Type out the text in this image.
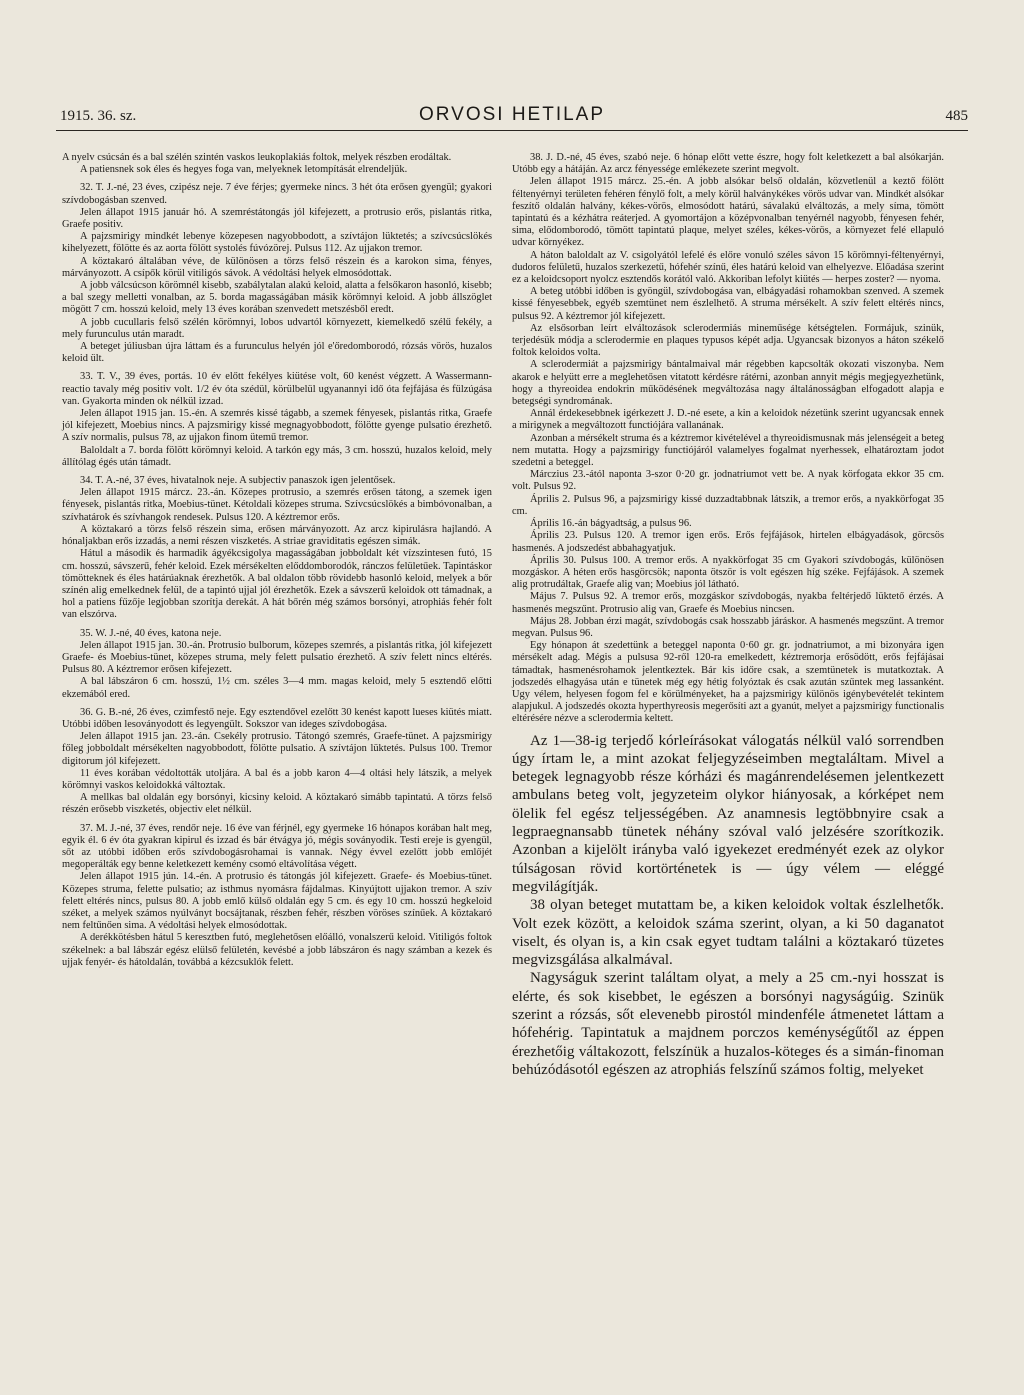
1915. 36. sz.	ORVOSI HETILAP	485

A nyelv csúcsán és a bal szélén szintén vaskos leukoplakiás foltok, melyek részben erodáltak.

A patiensnek sok éles és hegyes foga van, melyeknek letompítását elrendeljük.

32. T. J.-né, 23 éves, czipész neje. 7 éve férjes; gyermeke nincs. 3 hét óta erősen gyengül; gyakori szívdobogásban szenved.

Jelen állapot 1915 január hó. A szemréstátongás jól kifejezett, a protrusio erős, pislantás ritka, Graefe positiv.

A pajzsmirigy mindkét lebenye közepesen nagyobbodott, a szívtájon lüktetés; a szívcsúcslökés kihelyezett, fölötte és az aorta fölött systolés fúvózörej. Pulsus 112. Az ujjakon tremor.

A köztakaró általában véve, de különösen a törzs felső részein és a karokon sima, fényes, márványozott. A csípők körül vitiligós sávok. A védoltási helyek elmosódottak.

A jobb válcsúcson körömnél kisebb, szabálytalan alakú keloid, alatta a felsőkaron hasonló, kisebb; a bal szegy melletti vonalban, az 5. borda magasságában másik körömnyi keloid. A jobb állszöglet mögött 7 cm. hosszú keloid, mely 13 éves korában szenvedett metszésből eredt.

A jobb cucullaris felső szélén körömnyi, lobos udvartól környezett, kiemelkedő szélű fekély, a mely furunculus után maradt.

A beteget júliusban újra láttam és a furunculus helyén jól e'őredomborodó, rózsás vörös, huzalos keloid ült.

33. T. V., 39 éves, portás. 10 év előtt fekélyes kiütése volt, 60 kenést végzett. A Wassermann-reactio tavaly még positiv volt. 1/2 év óta szédül, körülbelül ugyanannyi idő óta fejfájása és fülzúgása van. Gyakorta minden ok nélkül izzad.

Jelen állapot 1915 jan. 15.-én. A szemrés kissé tágabb, a szemek fényesek, pislantás ritka, Graefe jól kifejezett, Moebius nincs. A pajzsmirigy kissé megnagyobbodott, fölötte gyenge pulsatio érezhető. A szív normalis, pulsus 78, az ujjakon finom ütemű tremor.

Baloldalt a 7. borda fölött körömnyi keloid. A tarkón egy más, 3 cm. hosszú, huzalos keloid, mely állítólag égés után támadt.

34. T. A.-né, 37 éves, hivatalnok neje. A subjectiv panaszok igen jelentősek.

Jelen állapot 1915 márcz. 23.-án. Közepes protrusio, a szemrés erősen tátong, a szemek igen fényesek, pislantás ritka, Moebius-tünet. Kétoldali közepes struma. Szívcsúcslökés a bimbóvonalban, a szívhatárok és szívhangok rendesek. Pulsus 120. A kéztremor erős.

A köztakaró a törzs felső részein sima, erősen márványozott. Az arcz kipirulásra hajlandó. A hónaljakban erős izzadás, a nemi részen viszketés. A striae graviditatis egészen simák.

Hátul a második és harmadik ágyékcsigolya magasságában jobboldalt két vízszintesen futó, 15 cm. hosszú, sávszerű, fehér keloid. Ezek mérsékelten előddomborodók, ránczos felületűek. Tapintáskor tömötteknek és éles határúaknak érezhetők. A bal oldalon több rövidebb hasonló keloid, melyek a bőr színén alig emelkednek felül, de a tapintó ujjal jól érezhetők. Ezek a sávszerű keloidok ott támadnak, a hol a patiens fűzője legjobban szorítja derekát. A hát bőrén még számos borsónyi, atrophiás fehér folt van elszórva.

35. W. J.-né, 40 éves, katona neje.

Jelen állapot 1915 jan. 30.-án. Protrusio bulborum, közepes szemrés, a pislantás ritka, jól kifejezett Graefe- és Moebius-tünet, közepes struma, mely felett pulsatio érezhető. A szív felett nincs eltérés. Pulsus 80. A kéztremor erősen kifejezett.

A bal lábszáron 6 cm. hosszú, 1½ cm. széles 3—4 mm. magas keloid, mely 5 esztendő előtti ekzemából ered.

36. G. B.-né, 26 éves, czimfestő neje. Egy esztendővel ezelőtt 30 kenést kapott lueses kiütés miatt. Utóbbi időben lesoványodott és legyengült. Sokszor van ideges szívdobogása.

Jelen állapot 1915 jan. 23.-án. Csekély protrusio. Tátongó szemrés, Graefe-tünet. A pajzsmirigy főleg jobboldalt mérsékelten nagyobbodott, fölötte pulsatio. A szívtájon lüktetés. Pulsus 100. Tremor digitorum jól kifejezett.

11 éves korában védoltották utoljára. A bal és a jobb karon 4—4 oltási hely látszik, a melyek körömnyi vaskos keloidokká változtak.

A mellkas bal oldalán egy borsónyi, kicsiny keloid. A köztakaró simább tapintatú. A törzs felső részén erősebb viszketés, objectiv elet nélkül.

37. M. J.-né, 37 éves, rendőr neje. 16 éve van férjnél, egy gyermeke 16 hónapos korában halt meg, egyik él. 6 év óta gyakran kipirul és izzad és bár étvágya jó, mégis soványodik. Testi ereje is gyengül, sőt az utóbbi időben erős szívdobogásrohamai is vannak. Négy évvel ezelőtt jobb emlőjét megoperálták egy benne keletkezett kemény csomó eltávolítása végett.

Jelen állapot 1915 jún. 14.-én. A protrusio és tátongás jól kifejezett. Graefe- és Moebius-tünet. Közepes struma, felette pulsatio; az isthmus nyomásra fájdalmas. Kinyújtott ujjakon tremor. A szív felett eltérés nincs, pulsus 80. A jobb emlő külső oldalán egy 5 cm. és egy 10 cm. hosszú hegkeloid széket, a melyek számos nyúlványt bocsájtanak, részben fehér, részben vöröses színűek. A köztakaró nem feltűnően sima. A védoltási helyek elmosódottak.

A derékkötésben hátul 5 keresztben futó, meglehetősen előálló, vonalszerű keloid. Vitiligós foltok székelnek: a bal lábszár egész elülső felületén, kevésbé a jobb lábszáron és nagy számban a kezek és ujjak fenyér- és hátoldalán, továbbá a kézcsuklók felett.

38. J. D.-né, 45 éves, szabó neje. 6 hónap előtt vette észre, hogy folt keletkezett a bal alsókarján. Utóbb egy a hátáján. Az arcz fényessége emlékezete szerint megvolt.

Jelen állapot 1915 márcz. 25.-én. A jobb alsókar belső oldalán, közvetlenül a keztő fölött féltenyérnyi területen fehéren fénylő folt, a mely körül halványkékes vörös udvar van. Mindkét alsókar feszítő oldalán halvány, kékes-vörös, elmosódott határú, sávalakú elváltozás, a mely síma, tömött tapintatú és a kézhátra reáterjed. A gyomortájon a középvonalban tenyérnél nagyobb, fényesen fehér, sima, elődomborodó, tömött tapintatú plaque, melyet széles, kékes-vörös, a környezet felé ellapuló udvar környékez.

A háton baloldalt az V. csigolyától lefelé és előre vonuló széles sávon 15 körömnyi-féltenyérnyi, dudoros felületű, huzalos szerkezetű, hófehér színű, éles határú keloid van elhelyezve. Előadása szerint ez a keloidcsoport nyolcz esztendős korától való. Akkoriban lefolyt kiütés — herpes zoster? — nyoma.

A beteg utóbbi időben is gyöngül, szívdobogása van, elbágyadási rohamokban szenved. A szemek kissé fényesebbek, egyéb szemtünet nem észlelhető. A struma mérsékelt. A szív felett eltérés nincs, pulsus 92. A kéztremor jól kifejezett.

Az elsősorban leírt elváltozások sclerodermiás mineműsége kétségtelen. Formájuk, szinük, terjedésük módja a sclerodermie en plaques typusos képét adja. Ugyancsak bizonyos a háton székelő foltok keloidos volta.

A sclerodermiát a pajzsmirigy bántalmaival már régebben kapcsolták okozati viszonyba. Nem akarok e helyütt erre a meglehetősen vitatott kérdésre rátérni, azonban annyit mégis megjegyezhetünk, hogy a thyreoidea endokrin működésének megváltozása nagy általánosságban elfogadott alapja e betegségi syndromának.

Annál érdekesebbnek igérkezett J. D.-né esete, a kin a keloidok nézetünk szerint ugyancsak ennek a mirigynek a megváltozott functiójára vallanának.

Azonban a mérsékelt struma és a kéztremor kivételével a thyreoidismusnak más jelenségeit a beteg nem mutatta. Hogy a pajzsmirigy functiójáról valamelyes fogalmat nyerhessek, elhatároztam jodot szedetni a beteggel.

Márczius 23.-ától naponta 3-szor 0·20 gr. jodnatriumot vett be. A nyak körfogata ekkor 35 cm. volt. Pulsus 92.

Április 2. Pulsus 96, a pajzsmirigy kissé duzzadtabbnak látszik, a tremor erős, a nyakkörfogat 35 cm.

Április 16.-án bágyadtság, a pulsus 96.

Április 23. Pulsus 120. A tremor igen erős. Erős fejfájások, hirtelen elbágyadások, görcsös hasmenés. A jodszedést abbahagyatjuk.

Április 30. Pulsus 100. A tremor erős. A nyakkörfogat 35 cm Gyakori szívdobogás, különösen mozgáskor. A héten erős hasgörcsök; naponta ötször is volt egészen híg széke. Fejfájások. A szemek alig protrudáltak, Graefe alig van; Moebius jól látható.

Május 7. Pulsus 92. A tremor erős, mozgáskor szívdobogás, nyakba feltérjedő lüktető érzés. A hasmenés megszűnt. Protrusio alig van, Graefe és Moebius nincsen.

Május 28. Jobban érzi magát, szívdobogás csak hosszabb járáskor. A hasmenés megszűnt. A tremor megvan. Pulsus 96.

Egy hónapon át szedettünk a beteggel naponta 0·60 gr. gr. jodnatriumot, a mi bizonyára igen mérsékelt adag. Mégis a pulsusa 92-ről 120-ra emelkedett, kéztremorja erősödött, erős fejfájásai támadtak, hasmenésrohamok jelentkeztek. Bár kis időre csak, a szemtünetek is mutatkoztak. A jodszedés elhagyása után e tünetek még egy hétig folyóztak és csak azután szűntek meg lassanként. Ugy vélem, helyesen fogom fel e körülményeket, ha a pajzsmirigy különös igénybevételét tekintem alapjukul. A jodszedés okozta hyperthyreosis megerősíti azt a gyanút, melyet a pajzsmirigy functionalis eltérésére nézve a sclerodermia keltett.

Az 1—38-ig terjedő kórleírásokat válogatás nélkül való sorrendben úgy írtam le, a mint azokat feljegyzéseimben megtaláltam. Mivel a betegek legnagyobb része kórházi és magánrendelésemen jelentkezett ambulans beteg volt, jegyzeteim olykor hiányosak, a kórképet nem ölelik fel egész teljességében. Az anamnesis legtöbbnyire csak a legpraegnansabb tünetek néhány szóval való jelzésére szorítkozik. Azonban a kijelölt irányba való igyekezet eredményét ezek az olykor túlságosan rövid kortörténetek is — úgy vélem — eléggé megvilágítják.

38 olyan beteget mutattam be, a kiken keloidok voltak észlelhetők. Volt ezek között, a keloidok száma szerint, olyan, a ki 50 daganatot viselt, és olyan is, a kin csak egyet tudtam találni a köztakaró tüzetes megvizsgálása alkalmával.

Nagyságuk szerint találtam olyat, a mely a 25 cm.-nyi hosszat is elérte, és sok kisebbet, le egészen a borsónyi nagyságúig. Szinük szerint a rózsás, sőt elevenebb pirostól mindenféle átmenetet láttam a hófehérig. Tapintatuk a majdnem porczos keménységűtől az éppen érezhetőig váltakozott, felszínük a huzalos-köteges és a simán-finoman behúzódásotól egészen az atrophiás felszínű számos foltig, melyeket
